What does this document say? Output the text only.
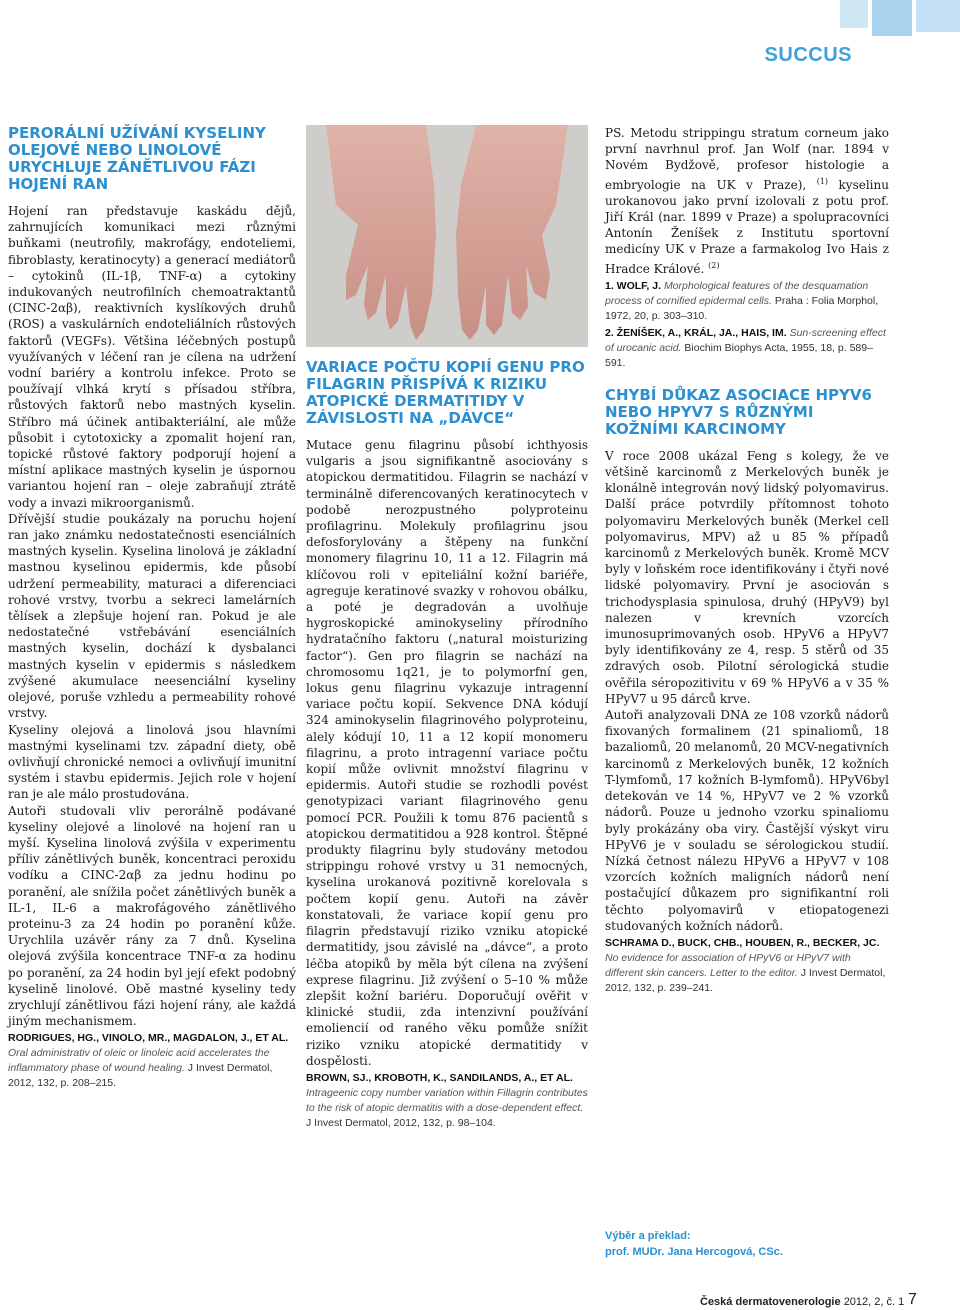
SUCCUS
PERORÁLNÍ UŽÍVÁNÍ KYSELINY OLEJOVÉ NEBO LINOLOVÉ URYCHLUJE ZÁNĚTLIVOU FÁZI HOJENÍ RAN

Hojení ran představuje kaskádu dějů, zahrnujících komunikaci mezi různými buňkami (neutrofily, makrofágy, endoteliemi, fibroblasty, keratinocyty) a generací mediátorů – cytokinů (IL-1β, TNF-α) a cytokiny indukovaných neutrofilních chemoatraktantů (CINC-2αβ), reaktivních kyslíkových druhů (ROS) a vaskulárních endoteliálních růstových faktorů (VEGFs). Většina léčebných postupů využívaných v léčení ran je cílena na udržení vodní bariéry a kontrolu infekce. Proto se používají vlhká krytí s přísadou stříbra, růstových faktorů nebo mastných kyselin. Stříbro má účinek antibakteriální, ale může působit i cytotoxicky a zpomalit hojení ran, topické růstové faktory podporují hojení a místní aplikace mastných kyselin je úspornou variantou hojení ran – oleje zabraňují ztrátě vody a invazi mikroorganismů.

Dřívější studie poukázaly na poruchu hojení ran jako známku nedostatečnosti esenciálních mastných kyselin. Kyselina linolová je základní mastnou kyselinou epidermis, kde působí udržení permeability, maturaci a diferenciaci rohové vrstvy, tvorbu a sekreci lamelárních tělísek a zlepšuje hojení ran. Pokud je ale nedostatečné vstřebávání esenciálních mastných kyselin, dochází k dysbalanci mastných kyselin v epidermis s následkem zvýšené akumulace neesenciální kyseliny olejové, poruše vzhledu a permeability rohové vrstvy.

Kyseliny olejová a linolová jsou hlavními mastnými kyselinami tzv. západní diety, obě ovlivňují chronické nemoci a ovlivňují imunitní systém i stavbu epidermis. Jejich role v hojení ran je ale málo prostudována.

Autoři studovali vliv perorálně podávané kyseliny olejové a linolové na hojení ran u myší. Kyselina linolová zvýšila v experimentu příliv zánětlivých buněk, koncentraci peroxidu vodíku a CINC-2αβ za jednu hodinu po poranění, ale snížila počet zánětlivých buněk a IL-1, IL-6 a makrofágového zánětlivého proteinu-3 za 24 hodin po poranění kůže. Urychlila uzávěr rány za 7 dnů. Kyselina olejová zvýšila koncentrace TNF-α za hodinu po poranění, za 24 hodin byl její efekt podobný kyselině linolové. Obě mastné kyseliny tedy zrychlují zánětlivou fázi hojení rány, ale každá jiným mechanismem.

RODRIGUES, HG., VINOLO, MR., MAGDALON, J., ET AL. Oral administrativ of oleic or linoleic acid accelerates the inflammatory phase of wound healing. J Invest Dermatol, 2012, 132, p. 208–215.
VARIACE POČTU KOPIÍ GENU PRO FILAGRIN PŘISPÍVÁ K RIZIKU ATOPICKÉ DERMATITIDY V ZÁVISLOSTI NA „DÁVCE“

Mutace genu filagrinu působí ichthyosis vulgaris a jsou signifikantně asociovány s atopickou dermatitidou. Filagrin se nachází v terminálně diferencovaných keratinocytech v podobě nerozpustného polyproteinu profilagrinu. Molekuly profilagrinu jsou defosforylovány a štěpeny na funkční monomery filagrinu 10, 11 a 12. Filagrin má klíčovou roli v epiteliální kožní bariéře, agreguje keratinové svazky v rohovou obálku, a poté je degradován a uvolňuje hygroskopické aminokyseliny přírodního hydratačního faktoru („natural moisturizing factor“). Gen pro filagrin se nachází na chromosomu 1q21, je to polymorfní gen, lokus genu filagrinu vykazuje intragenní variace počtu kopií. Sekvence DNA kódují 324 aminokyselin filagrinového polyproteinu, alely kódují 10, 11 a 12 kopií monomeru filagrinu, a proto intragenní variace počtu kopií může ovlivnit množství filagrinu v epidermis. Autoři studie se rozhodli povést genotypizaci variant filagrinového genu pomocí PCR. Použili k tomu 876 pacientů s atopickou dermatitidou a 928 kontrol. Štěpné produkty filagrinu byly studovány metodou strippingu rohové vrstvy u 31 nemocných, kyselina urokanová pozitivně korelovala s počtem kopií genu. Autoři na závěr konstatovali, že variace kopií genu pro filagrin představují riziko vzniku atopické dermatitidy, jsou závislé na „dávce“, a proto léčba atopiků by měla být cílena na zvýšení exprese filagrinu. Již zvýšení o 5–10 % může zlepšit kožní bariéru. Doporučují ověřit v klinické studii, zda intenzivní používání emoliencií od raného věku pomůže snížit riziko vzniku atopické dermatitidy v dospělosti.

BROWN, SJ., KROBOTH, K., SANDILANDS, A., ET AL. Intrageenic copy number variation within Fillagrin contributes to the risk of atopic dermatitis with a dose-dependent effect. J Invest Dermatol, 2012, 132, p. 98–104.

PS. Metodu strippingu stratum corneum jako první navrhnul prof. Jan Wolf (nar. 1894 v Novém Bydžově, profesor histologie a embryologie na UK v Praze), $^{(1)}$ kyselinu urokanovou jako první izolovali z potu prof. Jiří Král (nar. 1899 v Praze) a spolupracovníci Antonín Ženíšek z Institutu sportovní medicíny UK v Praze a farmakolog Ivo Hais z Hradce Králové. $^{(2)}$

1. WOLF, J. Morphological features of the desquamation process of cornified epidermal cells. Praha : Folia Morphol, 1972, 20, p. 303–310.
2. ŽENÍŠEK, A., KRÁL, JA., HAIS, IM. Sun-screening effect of urocanic acid. Biochim Biophys Acta, 1955, 18, p. 589–591.
CHYBÍ DŮKAZ ASOCIACE HPYV6 NEBO HPYV7 S RŮZNÝMI KOŽNÍMI KARCINOMY

V roce 2008 ukázal Feng s kolegy, že ve většině karcinomů z Merkelových buněk je klonálně integrován nový lidský polyomavirus. Další práce potvrdily přítomnost tohoto polyomaviru Merkelových buněk (Merkel cell polyomavirus, MPV) až u 85 % případů karcinomů z Merkelových buněk. Kromě MCV byly v loňském roce identifikovány i čtyři nové lidské polyomaviry. První je asociován s trichodysplasia spinulosa, druhý (HPyV9) byl nalezen v krevních vzorcích imunosuprimovaných osob. HPyV6 a HPyV7 byly identifikovány ze 4, resp. 5 stěrů od 35 zdravých osob. Pilotní sérologická studie ověřila séropozitivitu v 69 % HPyV6 a v 35 % HPyV7 u 95 dárců krve.

Autoři analyzovali DNA ze 108 vzorků nádorů fixovaných formalinem (21 spinaliomů, 18 bazaliomů, 20 melanomů, 20 MCV-negativních karcinomů z Merkelových buněk, 12 kožních T-lymfomů, 17 kožních B-lymfomů). HPyV6byl detekován ve 14 %, HPyV7 ve 2 % vzorků nádorů. Pouze u jednoho vzorku spinaliomu byly prokázány oba viry. Častější výskyt viru HPyV6 je v souladu se sérologickou studií. Nízká četnost nálezu HPyV6 a HPyV7 v 108 vzorcích kožních maligních nádorů není postačující důkazem pro signifikantní roli těchto polyomavirů v etiopatogenezi studovaných kožních nádorů.

SCHRAMA D., BUCK, CHB., HOUBEN, R., BECKER, JC. No evidence for association of HPyV6 or HPyV7 with different skin cancers. Letter to the editor. J Invest Dermatol, 2012, 132, p. 239–241.
Výběr a překlad:
prof. MUDr. Jana Hercogová, CSc.
Česká dermatovenerologie 2012, 2, č. 1 7
